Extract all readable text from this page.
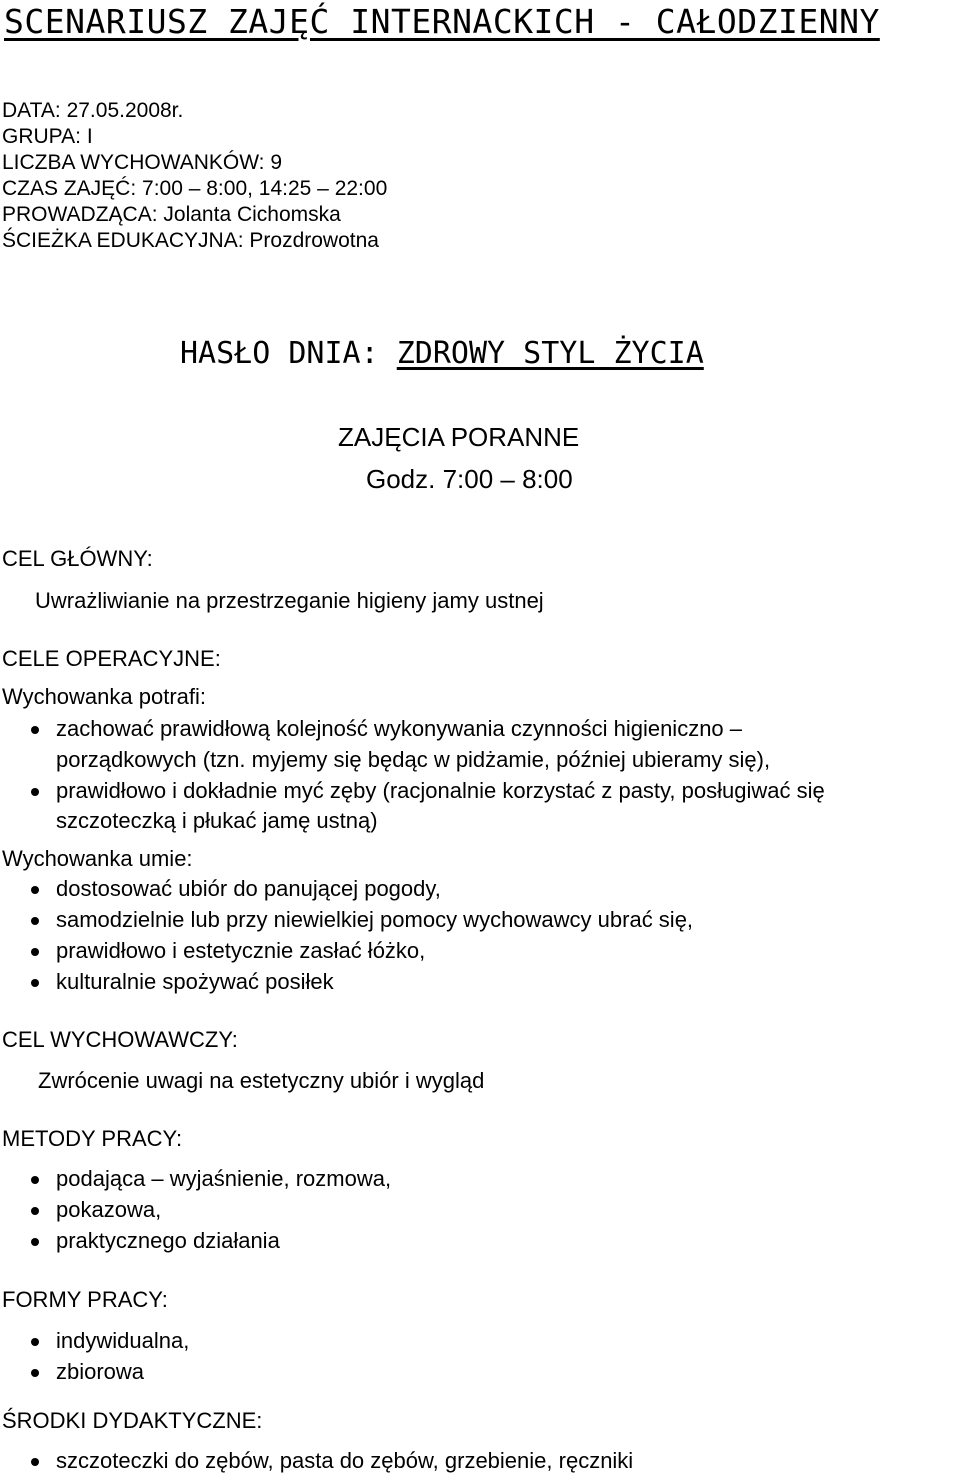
SCENARIUSZ ZAJĘĆ INTERNACKICH - CAŁODZIENNY
DATA: 27.05.2008r.
GRUPA: I
LICZBA WYCHOWANKÓW: 9
CZAS ZAJĘĆ: 7:00 – 8:00, 14:25 – 22:00
PROWADZĄCA: Jolanta Cichomska
ŚCIEŻKA EDUKACYJNA: Prozdrowotna
HASŁO DNIA: ZDROWY STYL ŻYCIA
ZAJĘCIA PORANNE
Godz. 7:00 – 8:00
CEL GŁÓWNY:
Uwrażliwianie na przestrzeganie higieny jamy ustnej
CELE OPERACYJNE:
Wychowanka potrafi:
zachować prawidłową kolejność wykonywania czynności higieniczno –
porządkowych (tzn. myjemy się będąc w pidżamie, później ubieramy się),
prawidłowo i dokładnie myć zęby (racjonalnie korzystać z pasty, posługiwać się
szczoteczką i płukać jamę ustną)
Wychowanka umie:
dostosować ubiór do panującej pogody,
samodzielnie lub przy niewielkiej pomocy wychowawcy ubrać się,
prawidłowo i estetycznie zasłać łóżko,
kulturalnie spożywać posiłek
CEL WYCHOWAWCZY:
Zwrócenie uwagi na estetyczny ubiór i wygląd
METODY PRACY:
podająca – wyjaśnienie, rozmowa,
pokazowa,
praktycznego działania
FORMY PRACY:
indywidualna,
zbiorowa
ŚRODKI DYDAKTYCZNE:
szczoteczki do zębów, pasta do zębów, grzebienie, ręczniki
